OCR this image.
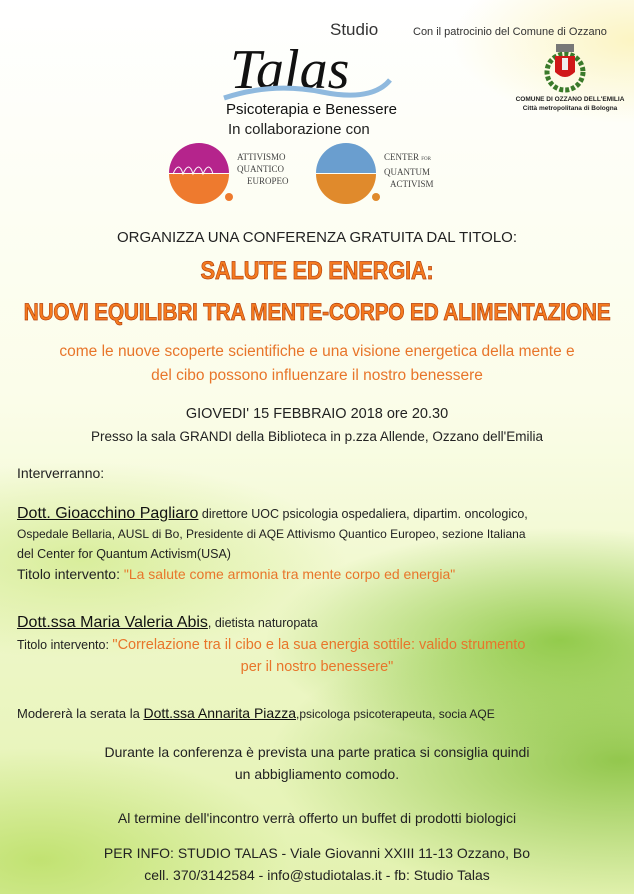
Studio
Talas
Psicoterapia e Benessere
In collaborazione con
Con il patrocinio del Comune di Ozzano
COMUNE DI OZZANO DELL'EMILIA
Città metropolitana di Bologna
ATTIVISMO
QUANTICO
EUROPEO
CENTER FOR
QUANTUM
ACTIVISM
ORGANIZZA UNA CONFERENZA GRATUITA DAL TITOLO:
SALUTE ED ENERGIA:
NUOVI EQUILIBRI TRA MENTE-CORPO ED ALIMENTAZIONE
come le nuove scoperte scientifiche e una visione energetica della mente e
del cibo possono influenzare il nostro benessere
GIOVEDI' 15 FEBBRAIO 2018 ore 20.30
Presso la sala GRANDI della Biblioteca in p.zza Allende, Ozzano dell'Emilia
Interverranno:
Dott. Gioacchino Pagliaro direttore UOC psicologia ospedaliera, dipartim. oncologico,
Ospedale Bellaria, AUSL di Bo, Presidente di AQE Attivismo Quantico Europeo, sezione Italiana
del Center for Quantum Activism(USA)
Titolo intervento: "La salute come armonia tra mente corpo ed energia"
Dott.ssa Maria Valeria Abis, dietista naturopata
Titolo intervento: "Correlazione tra il cibo e la sua energia sottile: valido strumento
per il nostro benessere"
Modererà la serata la Dott.ssa Annarita Piazza,psicologa psicoterapeuta, socia AQE
Durante la conferenza è prevista una parte pratica si consiglia quindi
un abbigliamento comodo.
Al termine dell'incontro verrà offerto un buffet di prodotti biologici
PER INFO: STUDIO TALAS - Viale Giovanni XXIII 11-13 Ozzano, Bo
cell. 370/3142584 - info@studiotalas.it - fb: Studio Talas
